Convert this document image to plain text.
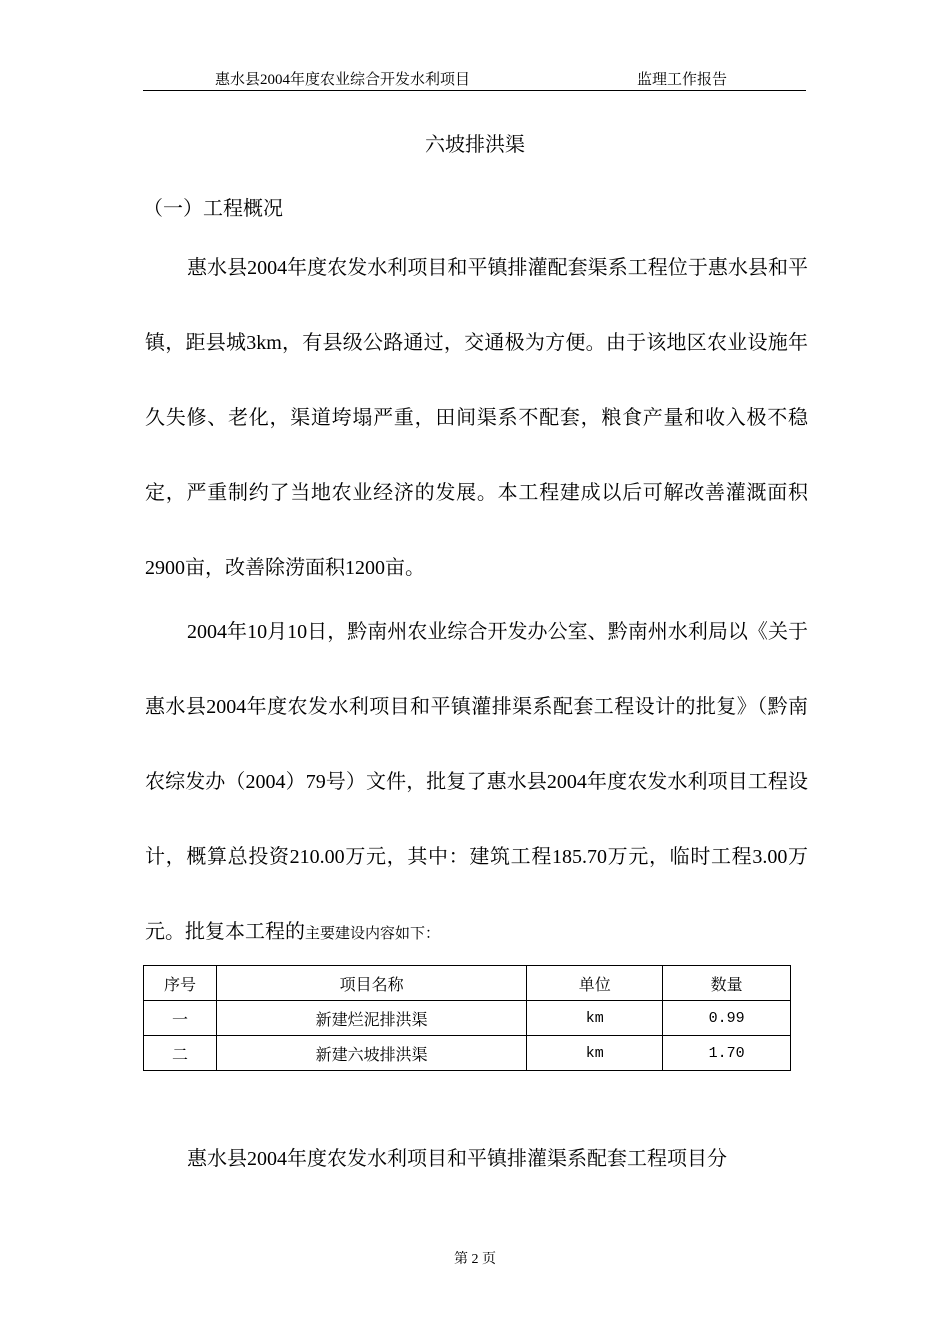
惠水县2004年度农业综合开发水利项目	监理工作报告
六坡排洪渠
（一）工程概况
惠水县2004年度农发水利项目和平镇排灌配套渠系工程位于惠水县和平镇，距县城3km，有县级公路通过，交通极为方便。由于该地区农业设施年久失修、老化，渠道垮塌严重，田间渠系不配套，粮食产量和收入极不稳定，严重制约了当地农业经济的发展。本工程建成以后可解改善灌溉面积2900亩，改善除涝面积1200亩。
2004年10月10日，黔南州农业综合开发办公室、黔南州水利局以《关于惠水县2004年度农发水利项目和平镇灌排渠系配套工程设计的批复》（黔南农综发办（2004）79号）文件，批复了惠水县2004年度农发水利项目工程设计，概算总投资210.00万元，其中：建筑工程185.70万元，临时工程3.00万元。批复本工程的主要建设内容如下：
序号	项目名称	单位	数量
一	新建烂泥排洪渠	km	0.99
二	新建六坡排洪渠	km	1.70
惠水县2004年度农发水利项目和平镇排灌渠系配套工程项目分
第 2 页
